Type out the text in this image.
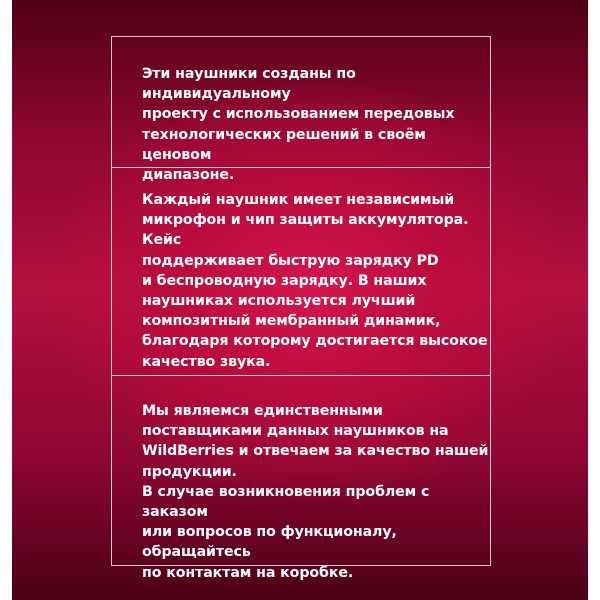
Эти наушники созданы по индивидуальному
проекту с использованием передовых
технологических решений в своём ценовом
диапазоне.

Каждый наушник имеет независимый
микрофон и чип защиты аккумулятора. Кейс
поддерживает быструю зарядку PD
и беспроводную зарядку. В наших
наушниках используется лучший
композитный мембранный динамик,
благодаря которому достигается высокое
качество звука.

Мы являемся единственными
поставщиками данных наушников на
WildBerries и отвечаем за качество нашей
продукции.
В случае возникновения проблем с заказом
или вопросов по функционалу, обращайтесь
по контактам на коробке.
